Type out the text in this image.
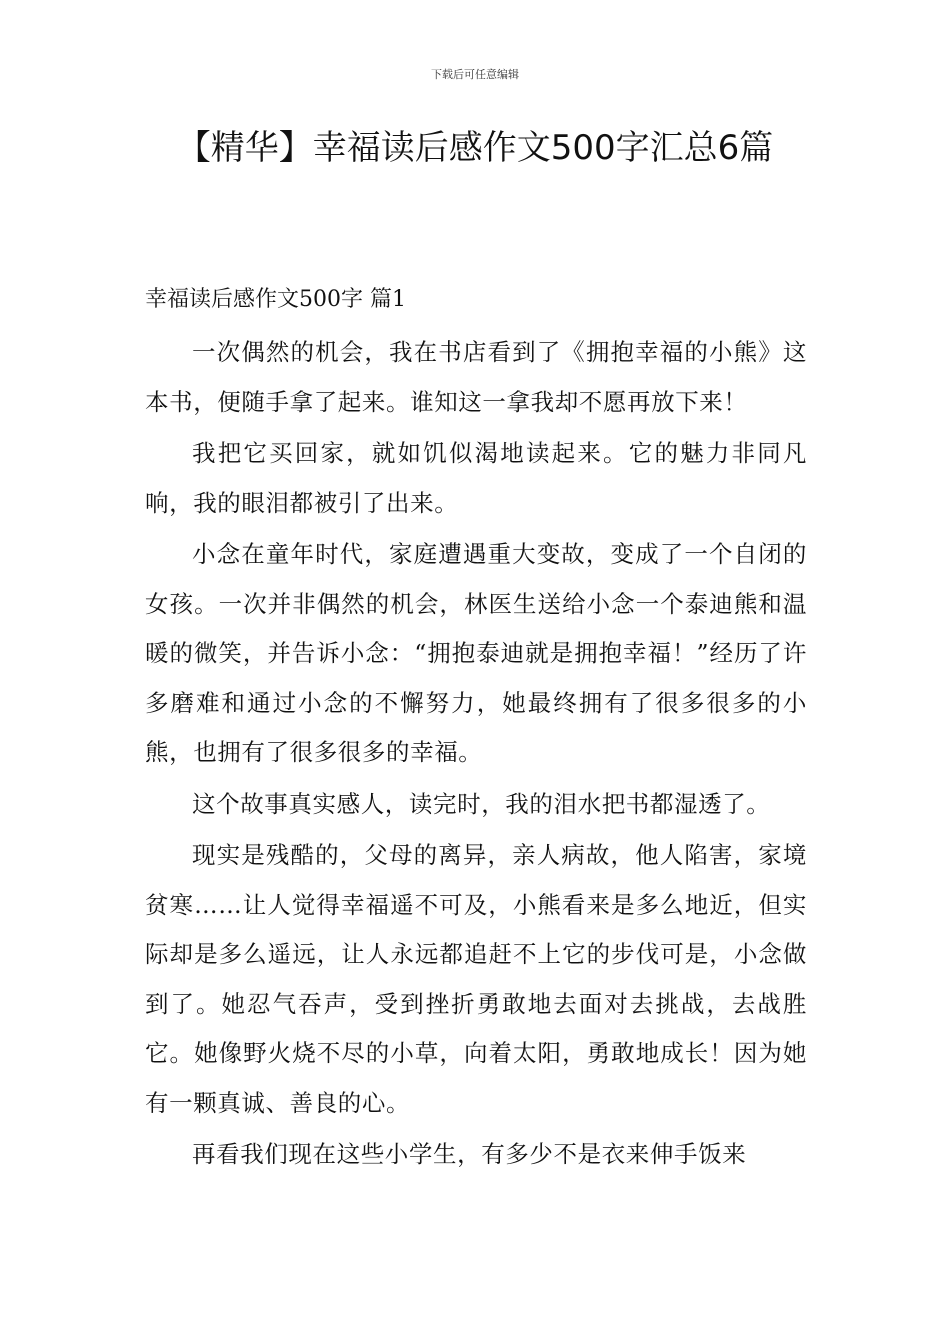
下载后可任意编辑
【精华】幸福读后感作文500字汇总6篇
幸福读后感作文500字 篇1

一次偶然的机会，我在书店看到了《拥抱幸福的小熊》这本书，便随手拿了起来。谁知这一拿我却不愿再放下来！

我把它买回家，就如饥似渴地读起来。它的魅力非同凡响，我的眼泪都被引了出来。

小念在童年时代，家庭遭遇重大变故，变成了一个自闭的女孩。一次并非偶然的机会，林医生送给小念一个泰迪熊和温暖的微笑，并告诉小念：“拥抱泰迪就是拥抱幸福！”经历了许多磨难和通过小念的不懈努力，她最终拥有了很多很多的小熊，也拥有了很多很多的幸福。

这个故事真实感人，读完时，我的泪水把书都湿透了。

现实是残酷的，父母的离异，亲人病故，他人陷害，家境贫寒……让人觉得幸福遥不可及，小熊看来是多么地近，但实际却是多么遥远，让人永远都追赶不上它的步伐可是，小念做到了。她忍气吞声，受到挫折勇敢地去面对去挑战，去战胜它。她像野火烧不尽的小草，向着太阳，勇敢地成长！因为她有一颗真诚、善良的心。

再看我们现在这些小学生，有多少不是衣来伸手饭来
